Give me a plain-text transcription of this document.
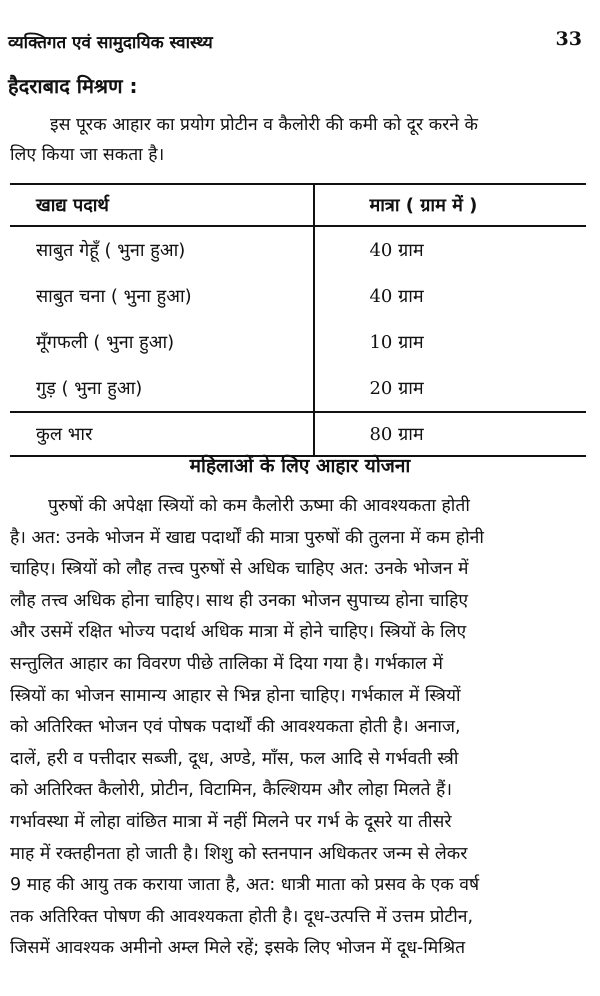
व्यक्तिगत एवं सामुदायिक स्वास्थ्य	33
हैदराबाद मिश्रण :
इस पूरक आहार का प्रयोग प्रोटीन व कैलोरी की कमी को दूर करने के
लिए किया जा सकता है।
खाद्य पदार्थ	मात्रा ( ग्राम में )
साबुत गेहूँ ( भुना हुआ)	40 ग्राम
साबुत चना ( भुना हुआ)	40 ग्राम
मूँगफली ( भुना हुआ)	10 ग्राम
गुड़ ( भुना हुआ)	20 ग्राम
कुल भार	80 ग्राम
महिलाओं के लिए आहार योजना
पुरुषों की अपेक्षा स्त्रियों को कम कैलोरी ऊष्मा की आवश्यकता होती
है। अत: उनके भोजन में खाद्य पदार्थों की मात्रा पुरुषों की तुलना में कम होनी
चाहिए। स्त्रियों को लौह तत्त्व पुरुषों से अधिक चाहिए अत: उनके भोजन में
लौह तत्त्व अधिक होना चाहिए। साथ ही उनका भोजन सुपाच्य होना चाहिए
और उसमें रक्षित भोज्य पदार्थ अधिक मात्रा में होने चाहिए। स्त्रियों के लिए
सन्तुलित आहार का विवरण पीछे तालिका में दिया गया है। गर्भकाल में
स्त्रियों का भोजन सामान्य आहार से भिन्न होना चाहिए। गर्भकाल में स्त्रियों
को अतिरिक्त भोजन एवं पोषक पदार्थों की आवश्यकता होती है। अनाज,
दालें, हरी व पत्तीदार सब्जी, दूध, अण्डे, माँस, फल आदि से गर्भवती स्त्री
को अतिरिक्त कैलोरी, प्रोटीन, विटामिन, कैल्शियम और लोहा मिलते हैं।
गर्भावस्था में लोहा वांछित मात्रा में नहीं मिलने पर गर्भ के दूसरे या तीसरे
माह में रक्तहीनता हो जाती है। शिशु को स्तनपान अधिकतर जन्म से लेकर
9 माह की आयु तक कराया जाता है, अत: धात्री माता को प्रसव के एक वर्ष
तक अतिरिक्त पोषण की आवश्यकता होती है। दूध-उत्पत्ति में उत्तम प्रोटीन,
जिसमें आवश्यक अमीनो अम्ल मिले रहें; इसके लिए भोजन में दूध-मिश्रित
